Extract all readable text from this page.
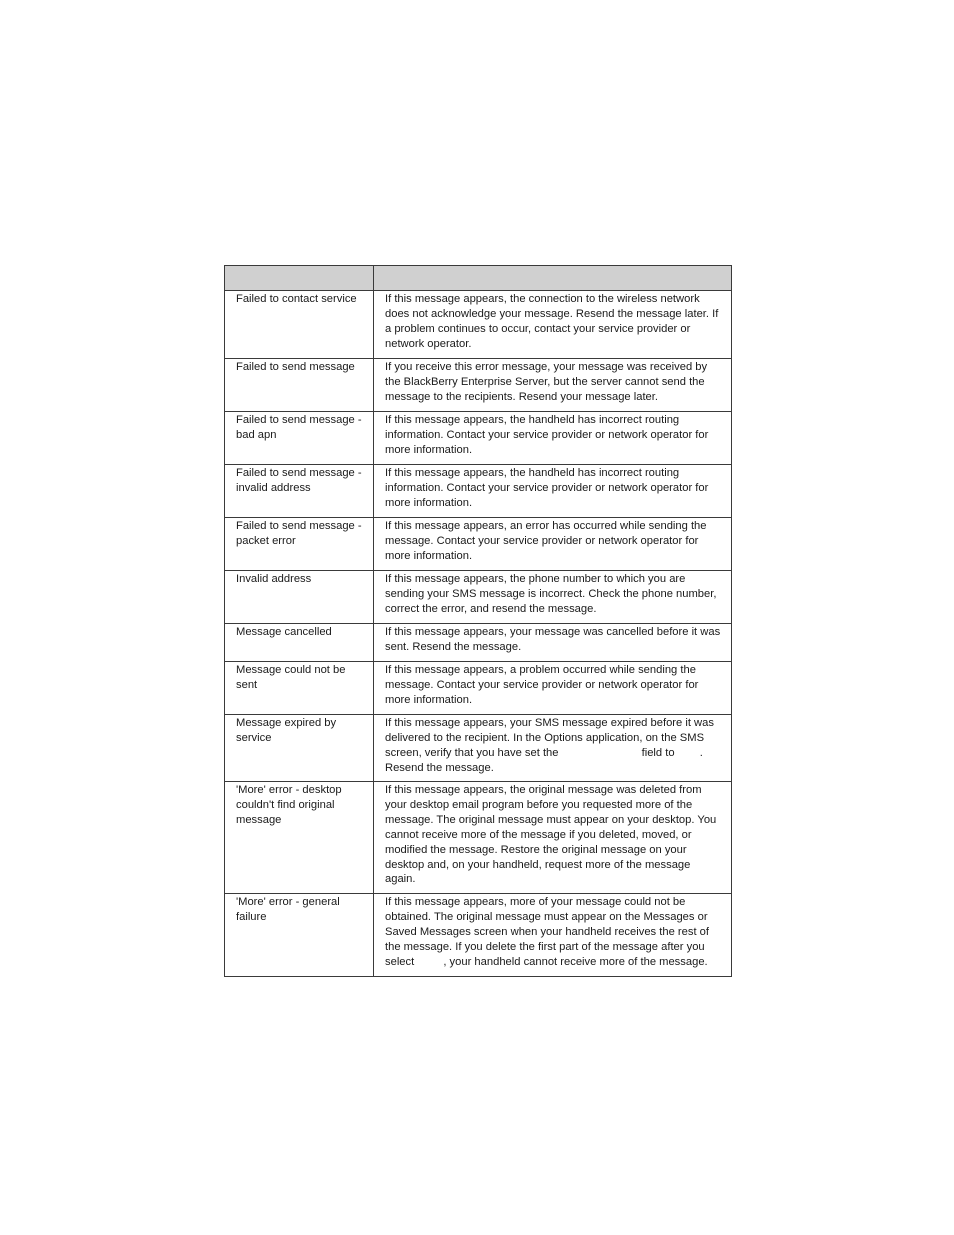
Failed to contact service	If this message appears, the connection to the wireless network does not acknowledge your message. Resend the message later. If a problem continues to occur, contact your service provider or network operator.
Failed to send message	If you receive this error message, your message was received by the BlackBerry Enterprise Server, but the server cannot send the message to the recipients. Resend your message later.
Failed to send message - bad apn	If this message appears, the handheld has incorrect routing information. Contact your service provider or network operator for more information.
Failed to send message - invalid address	If this message appears, the handheld has incorrect routing information. Contact your service provider or network operator for more information.
Failed to send message - packet error	If this message appears, an error has occurred while sending the message. Contact your service provider or network operator for more information.
Invalid address	If this message appears, the phone number to which you are sending your SMS message is incorrect. Check the phone number, correct the error, and resend the message.
Message cancelled	If this message appears, your message was cancelled before it was sent. Resend the message.
Message could not be sent	If this message appears, a problem occurred while sending the message. Contact your service provider or network operator for more information.
Message expired by service	If this message appears, your SMS message expired before it was delivered to the recipient. In the Options application, on the SMS screen, verify that you have set the field to . Resend the message.
'More' error - desktop couldn't find original message	If this message appears, the original message was deleted from your desktop email program before you requested more of the message. The original message must appear on your desktop. You cannot receive more of the message if you deleted, moved, or modified the message. Restore the original message on your desktop and, on your handheld, request more of the message again.
'More' error - general failure	If this message appears, more of your message could not be obtained. The original message must appear on the Messages or Saved Messages screen when your handheld receives the rest of the message. If you delete the first part of the message after you select , your handheld cannot receive more of the message.
